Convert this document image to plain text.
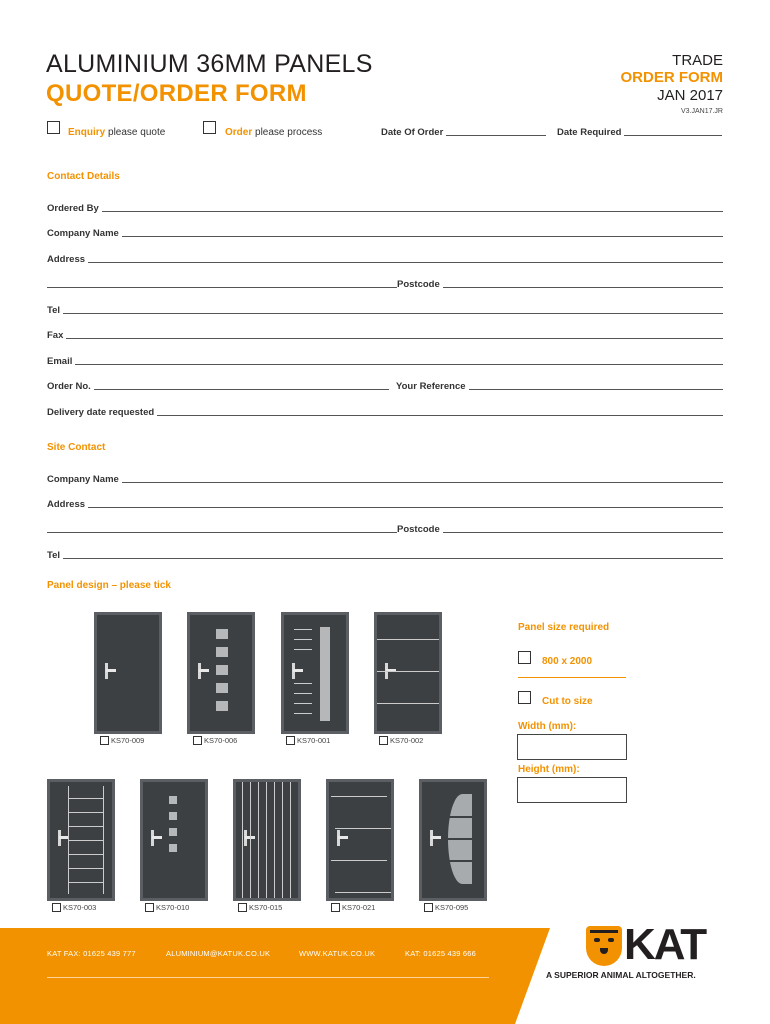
ALUMINIUM 36MM PANELS
QUOTE/ORDER FORM
TRADE
ORDER FORM
JAN 2017
V3.JAN17.JR
Enquiry please quote	Order please process	Date Of Order	Date Required
Contact Details
Ordered By
Company Name
Address
Postcode
Tel
Fax
Email
Order No.	Your Reference
Delivery date requested
Site Contact
Company Name
Address
Postcode
Tel
Panel design – please tick
KS70-009	KS70-006	KS70-001	KS70-002
Panel size required
800 x 2000
Cut to size
Width (mm):
Height (mm):
KS70-003	KS70-010	KS70-015	KS70-021	KS70-095
KAT FAX: 01625 439 777	ALUMINIUM@KATUK.CO.UK	WWW.KATUK.CO.UK	KAT: 01625 439 666	KAT
A SUPERIOR ANIMAL ALTOGETHER.
